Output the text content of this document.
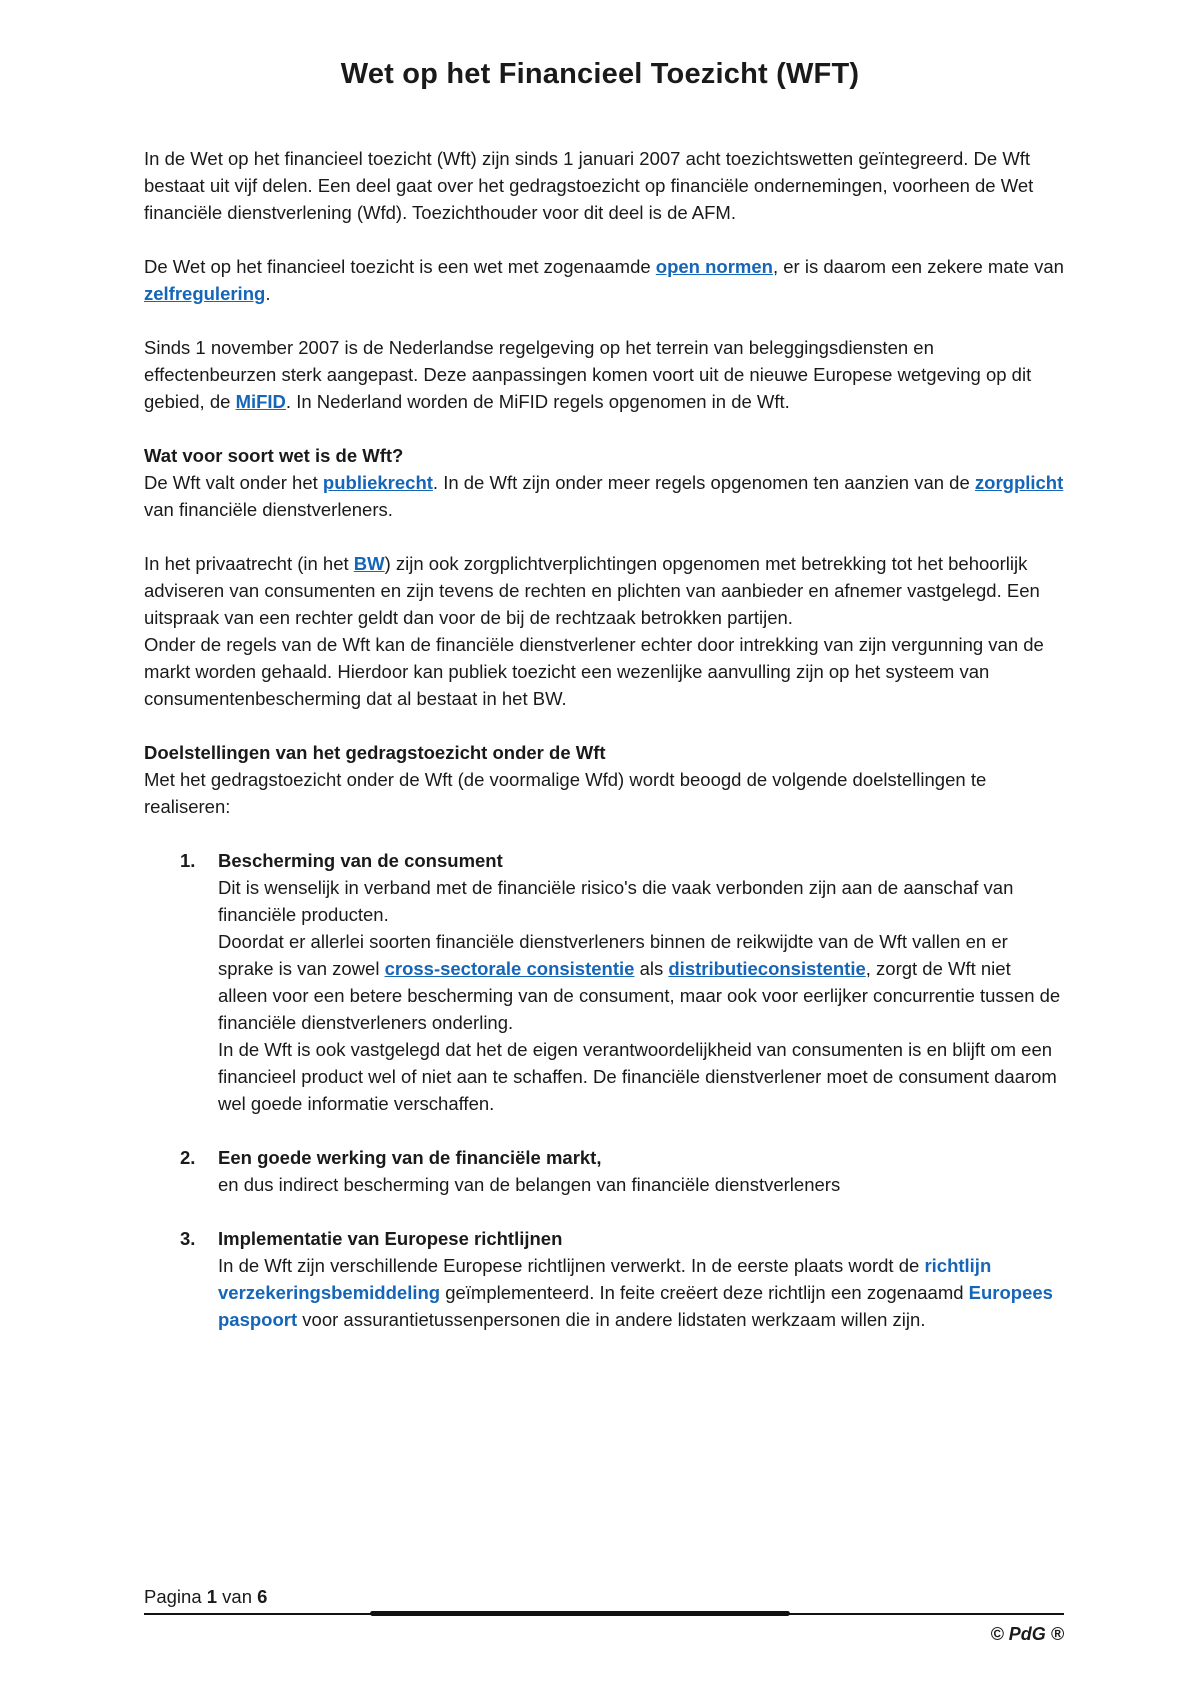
Wet op het Financieel Toezicht (WFT)

In de Wet op het financieel toezicht (Wft) zijn sinds 1 januari 2007 acht toezichtswetten geïntegreerd. De Wft bestaat uit vijf delen. Een deel gaat over het gedragstoezicht op financiële ondernemingen, voorheen de Wet financiële dienstverlening (Wfd). Toezichthouder voor dit deel is de AFM.

De Wet op het financieel toezicht is een wet met zogenaamde open normen, er is daarom een zekere mate van zelfregulering.

Sinds 1 november 2007 is de Nederlandse regelgeving op het terrein van beleggingsdiensten en effectenbeurzen sterk aangepast. Deze aanpassingen komen voort uit de nieuwe Europese wetgeving op dit gebied, de MiFID. In Nederland worden de MiFID regels opgenomen in de Wft.

Wat voor soort wet is de Wft?
De Wft valt onder het publiekrecht. In de Wft zijn onder meer regels opgenomen ten aanzien van de zorgplicht van financiële dienstverleners.

In het privaatrecht (in het BW) zijn ook zorgplichtverplichtingen opgenomen met betrekking tot het behoorlijk adviseren van consumenten en zijn tevens de rechten en plichten van aanbieder en afnemer vastgelegd. Een uitspraak van een rechter geldt dan voor de bij de rechtzaak betrokken partijen.

Onder de regels van de Wft kan de financiële dienstverlener echter door intrekking van zijn vergunning van de markt worden gehaald. Hierdoor kan publiek toezicht een wezenlijke aanvulling zijn op het systeem van consumentenbescherming dat al bestaat in het BW.

Doelstellingen van het gedragstoezicht onder de Wft
Met het gedragstoezicht onder de Wft (de voormalige Wfd) wordt beoogd de volgende doelstellingen te realiseren:

1. Bescherming van de consument
Dit is wenselijk in verband met de financiële risico's die vaak verbonden zijn aan de aanschaf van financiële producten.
Doordat er allerlei soorten financiële dienstverleners binnen de reikwijdte van de Wft vallen en er sprake is van zowel cross-sectorale consistentie als distributieconsistentie, zorgt de Wft niet alleen voor een betere bescherming van de consument, maar ook voor eerlijker concurrentie tussen de financiële dienstverleners onderling.
In de Wft is ook vastgelegd dat het de eigen verantwoordelijkheid van consumenten is en blijft om een financieel product wel of niet aan te schaffen. De financiële dienstverlener moet de consument daarom wel goede informatie verschaffen.
2. Een goede werking van de financiële markt,
en dus indirect bescherming van de belangen van financiële dienstverleners
3. Implementatie van Europese richtlijnen
In de Wft zijn verschillende Europese richtlijnen verwerkt. In de eerste plaats wordt de richtlijn verzekeringsbemiddeling geïmplementeerd. In feite creëert deze richtlijn een zogenaamd Europees paspoort voor assurantietussenpersonen die in andere lidstaten werkzaam willen zijn.
Pagina 1 van 6
© PdG ®
